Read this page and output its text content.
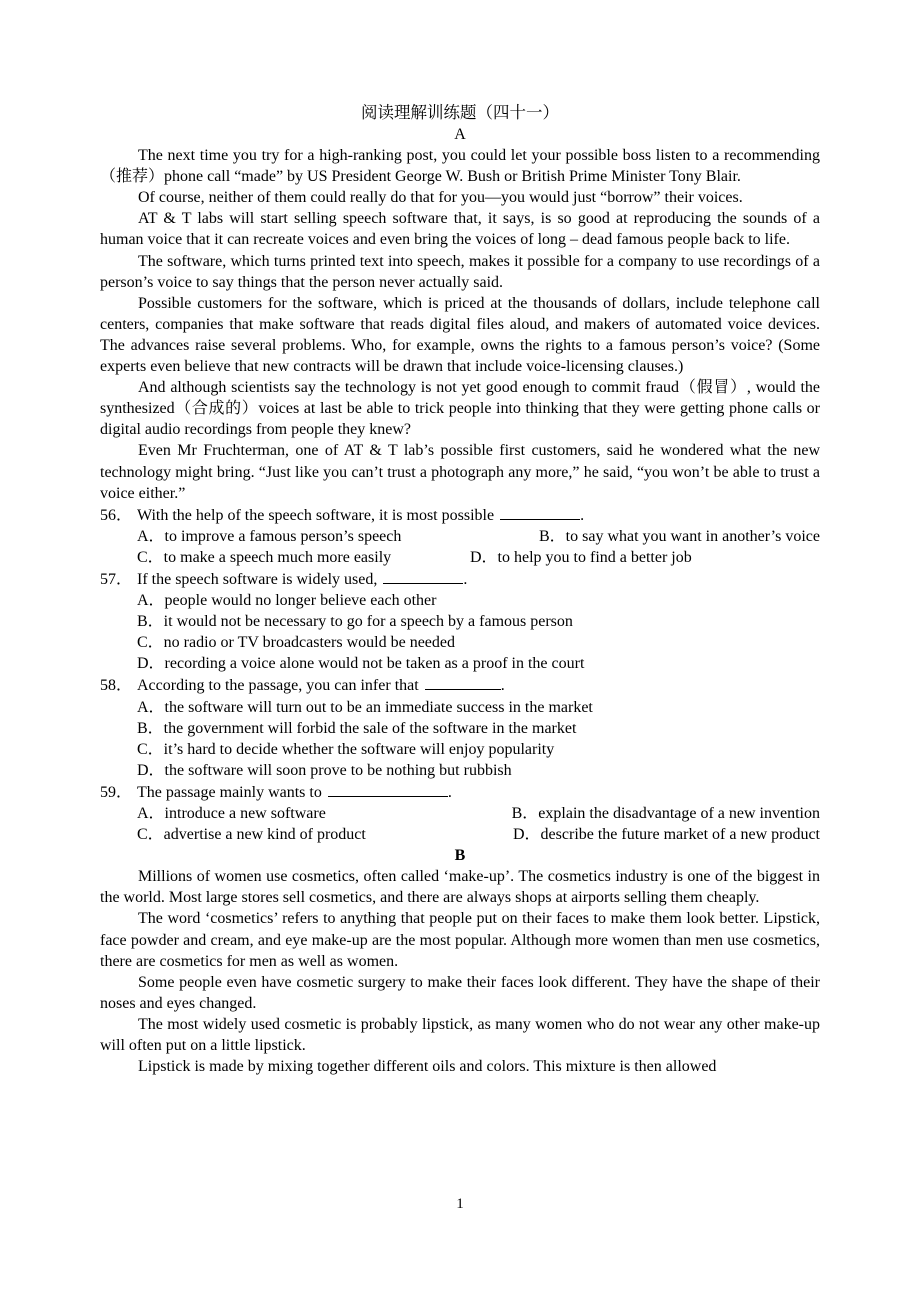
阅读理解训练题（四十一）
A

The next time you try for a high-ranking post, you could let your possible boss listen to a recommending（推荐）phone call “made” by US President George W. Bush or British Prime Minister Tony Blair.

Of course, neither of them could really do that for you—you would just “borrow” their voices.

AT & T labs will start selling speech software that, it says, is so good at reproducing the sounds of a human voice that it can recreate voices and even bring the voices of long – dead famous people back to life.

The software, which turns printed text into speech, makes it possible for a company to use recordings of a person’s voice to say things that the person never actually said.

Possible customers for the software, which is priced at the thousands of dollars, include telephone call centers, companies that make software that reads digital files aloud, and makers of automated voice devices. The advances raise several problems. Who, for example, owns the rights to a famous person’s voice? (Some experts even believe that new contracts will be drawn that include voice-licensing clauses.)

And although scientists say the technology is not yet good enough to commit fraud（假冒）, would the synthesized（合成的）voices at last be able to trick people into thinking that they were getting phone calls or digital audio recordings from people they knew?

Even Mr Fruchterman, one of AT & T lab’s possible first customers, said he wondered what the new technology might bring. “Just like you can’t trust a photograph any more,” he said, “you won’t be able to trust a voice either.”

56． With the help of the speech software, it is most possible	.
A．to improve a famous person’s speech	B．to say what you want in another’s voice
C．to make a speech much more easily	D．to help you to find a better job
57． If the speech software is widely used,	.
A．people would no longer believe each other
B．it would not be necessary to go for a speech by a famous person
C．no radio or TV broadcasters would be needed
D．recording a voice alone would not be taken as a proof in the court
58． According to the passage, you can infer that	.
A．the software will turn out to be an immediate success in the market
B．the government will forbid the sale of the software in the market
C．it’s hard to decide whether the software will enjoy popularity
D．the software will soon prove to be nothing but rubbish
59． The passage mainly wants to	.
A．introduce a new software	B．explain the disadvantage of a new invention
C．advertise a new kind of product	D．describe the future market of a new product
B

Millions of women use cosmetics, often called ‘make-up’. The cosmetics industry is one of the biggest in the world. Most large stores sell cosmetics, and there are always shops at airports selling them cheaply.

The word ‘cosmetics’ refers to anything that people put on their faces to make them look better. Lipstick, face powder and cream, and eye make-up are the most popular. Although more women than men use cosmetics, there are cosmetics for men as well as women.

Some people even have cosmetic surgery to make their faces look different. They have the shape of their noses and eyes changed.

The most widely used cosmetic is probably lipstick, as many women who do not wear any other make-up will often put on a little lipstick.

Lipstick is made by mixing together different oils and colors. This mixture is then allowed

1
